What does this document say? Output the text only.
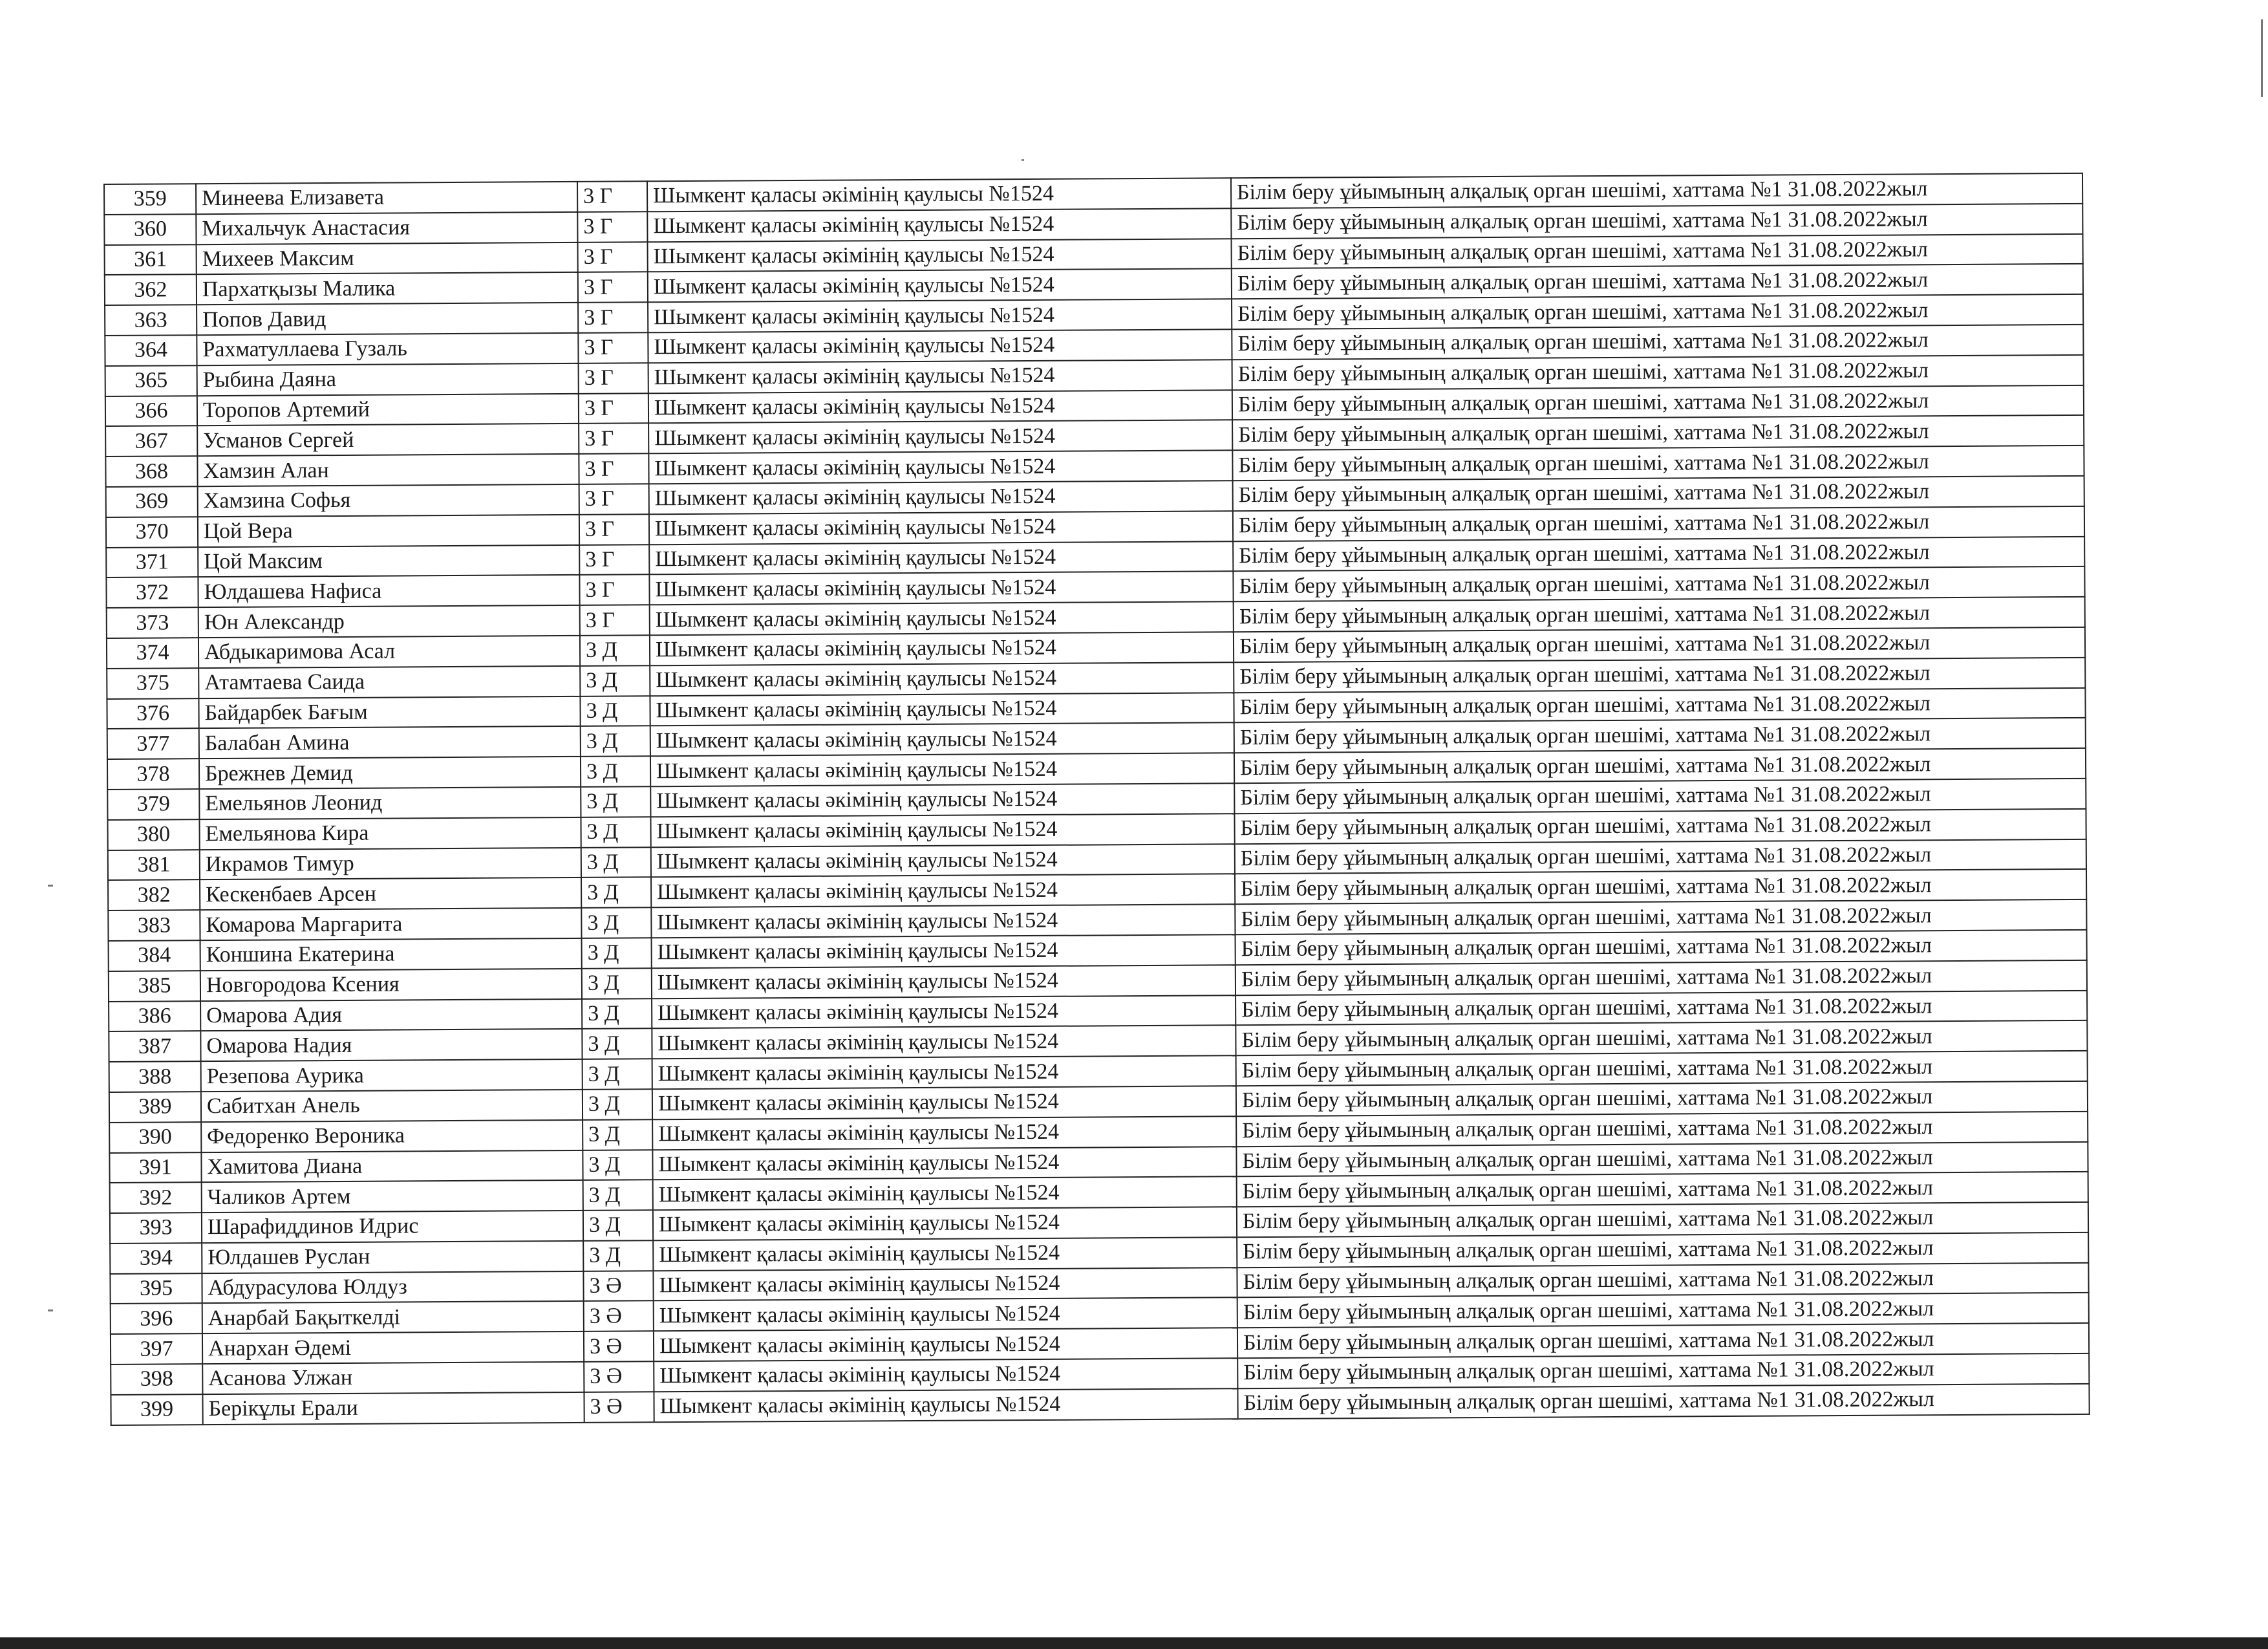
359	Минеева Елизавета	3 Г	Шымкент қаласы әкімінің қаулысы №1524	Білім беру ұйымының алқалық орган шешімі, хаттама №1 31.08.2022жыл
360	Михальчук Анастасия	3 Г	Шымкент қаласы әкімінің қаулысы №1524	Білім беру ұйымының алқалық орган шешімі, хаттама №1 31.08.2022жыл
361	Михеев Максим	3 Г	Шымкент қаласы әкімінің қаулысы №1524	Білім беру ұйымының алқалық орган шешімі, хаттама №1 31.08.2022жыл
362	Пархатқызы Малика	3 Г	Шымкент қаласы әкімінің қаулысы №1524	Білім беру ұйымының алқалық орган шешімі, хаттама №1 31.08.2022жыл
363	Попов Давид	3 Г	Шымкент қаласы әкімінің қаулысы №1524	Білім беру ұйымының алқалық орган шешімі, хаттама №1 31.08.2022жыл
364	Рахматуллаева Гузаль	3 Г	Шымкент қаласы әкімінің қаулысы №1524	Білім беру ұйымының алқалық орган шешімі, хаттама №1 31.08.2022жыл
365	Рыбина Даяна	3 Г	Шымкент қаласы әкімінің қаулысы №1524	Білім беру ұйымының алқалық орган шешімі, хаттама №1 31.08.2022жыл
366	Торопов Артемий	3 Г	Шымкент қаласы әкімінің қаулысы №1524	Білім беру ұйымының алқалық орган шешімі, хаттама №1 31.08.2022жыл
367	Усманов Сергей	3 Г	Шымкент қаласы әкімінің қаулысы №1524	Білім беру ұйымының алқалық орган шешімі, хаттама №1 31.08.2022жыл
368	Хамзин Алан	3 Г	Шымкент қаласы әкімінің қаулысы №1524	Білім беру ұйымының алқалық орган шешімі, хаттама №1 31.08.2022жыл
369	Хамзина Софья	3 Г	Шымкент қаласы әкімінің қаулысы №1524	Білім беру ұйымының алқалық орган шешімі, хаттама №1 31.08.2022жыл
370	Цой Вера	3 Г	Шымкент қаласы әкімінің қаулысы №1524	Білім беру ұйымының алқалық орган шешімі, хаттама №1 31.08.2022жыл
371	Цой Максим	3 Г	Шымкент қаласы әкімінің қаулысы №1524	Білім беру ұйымының алқалық орган шешімі, хаттама №1 31.08.2022жыл
372	Юлдашева Нафиса	3 Г	Шымкент қаласы әкімінің қаулысы №1524	Білім беру ұйымының алқалық орган шешімі, хаттама №1 31.08.2022жыл
373	Юн Александр	3 Г	Шымкент қаласы әкімінің қаулысы №1524	Білім беру ұйымының алқалық орган шешімі, хаттама №1 31.08.2022жыл
374	Абдыкаримова Асал	3 Д	Шымкент қаласы әкімінің қаулысы №1524	Білім беру ұйымының алқалық орган шешімі, хаттама №1 31.08.2022жыл
375	Атамтаева Саида	3 Д	Шымкент қаласы әкімінің қаулысы №1524	Білім беру ұйымының алқалық орган шешімі, хаттама №1 31.08.2022жыл
376	Байдарбек Бағым	3 Д	Шымкент қаласы әкімінің қаулысы №1524	Білім беру ұйымының алқалық орган шешімі, хаттама №1 31.08.2022жыл
377	Балабан Амина	3 Д	Шымкент қаласы әкімінің қаулысы №1524	Білім беру ұйымының алқалық орган шешімі, хаттама №1 31.08.2022жыл
378	Брежнев Демид	3 Д	Шымкент қаласы әкімінің қаулысы №1524	Білім беру ұйымының алқалық орган шешімі, хаттама №1 31.08.2022жыл
379	Емельянов Леонид	3 Д	Шымкент қаласы әкімінің қаулысы №1524	Білім беру ұйымының алқалық орган шешімі, хаттама №1 31.08.2022жыл
380	Емельянова Кира	3 Д	Шымкент қаласы әкімінің қаулысы №1524	Білім беру ұйымының алқалық орган шешімі, хаттама №1 31.08.2022жыл
381	Икрамов Тимур	3 Д	Шымкент қаласы әкімінің қаулысы №1524	Білім беру ұйымының алқалық орган шешімі, хаттама №1 31.08.2022жыл
382	Кескенбаев Арсен	3 Д	Шымкент қаласы әкімінің қаулысы №1524	Білім беру ұйымының алқалық орган шешімі, хаттама №1 31.08.2022жыл
383	Комарова Маргарита	3 Д	Шымкент қаласы әкімінің қаулысы №1524	Білім беру ұйымының алқалық орган шешімі, хаттама №1 31.08.2022жыл
384	Коншина Екатерина	3 Д	Шымкент қаласы әкімінің қаулысы №1524	Білім беру ұйымының алқалық орган шешімі, хаттама №1 31.08.2022жыл
385	Новгородова Ксения	3 Д	Шымкент қаласы әкімінің қаулысы №1524	Білім беру ұйымының алқалық орган шешімі, хаттама №1 31.08.2022жыл
386	Омарова Адия	3 Д	Шымкент қаласы әкімінің қаулысы №1524	Білім беру ұйымының алқалық орган шешімі, хаттама №1 31.08.2022жыл
387	Омарова Надия	3 Д	Шымкент қаласы әкімінің қаулысы №1524	Білім беру ұйымының алқалық орган шешімі, хаттама №1 31.08.2022жыл
388	Резепова Аурика	3 Д	Шымкент қаласы әкімінің қаулысы №1524	Білім беру ұйымының алқалық орган шешімі, хаттама №1 31.08.2022жыл
389	Сабитхан Анель	3 Д	Шымкент қаласы әкімінің қаулысы №1524	Білім беру ұйымының алқалық орган шешімі, хаттама №1 31.08.2022жыл
390	Федоренко Вероника	3 Д	Шымкент қаласы әкімінің қаулысы №1524	Білім беру ұйымының алқалық орган шешімі, хаттама №1 31.08.2022жыл
391	Хамитова Диана	3 Д	Шымкент қаласы әкімінің қаулысы №1524	Білім беру ұйымының алқалық орган шешімі, хаттама №1 31.08.2022жыл
392	Чаликов Артем	3 Д	Шымкент қаласы әкімінің қаулысы №1524	Білім беру ұйымының алқалық орган шешімі, хаттама №1 31.08.2022жыл
393	Шарафиддинов Идрис	3 Д	Шымкент қаласы әкімінің қаулысы №1524	Білім беру ұйымының алқалық орган шешімі, хаттама №1 31.08.2022жыл
394	Юлдашев Руслан	3 Д	Шымкент қаласы әкімінің қаулысы №1524	Білім беру ұйымының алқалық орган шешімі, хаттама №1 31.08.2022жыл
395	Абдурасулова Юлдуз	3 Ә	Шымкент қаласы әкімінің қаулысы №1524	Білім беру ұйымының алқалық орган шешімі, хаттама №1 31.08.2022жыл
396	Анарбай Бақыткелді	3 Ә	Шымкент қаласы әкімінің қаулысы №1524	Білім беру ұйымының алқалық орган шешімі, хаттама №1 31.08.2022жыл
397	Анархан Әдемі	3 Ә	Шымкент қаласы әкімінің қаулысы №1524	Білім беру ұйымының алқалық орган шешімі, хаттама №1 31.08.2022жыл
398	Асанова Улжан	3 Ә	Шымкент қаласы әкімінің қаулысы №1524	Білім беру ұйымының алқалық орган шешімі, хаттама №1 31.08.2022жыл
399	Берікұлы Ерали	3 Ә	Шымкент қаласы әкімінің қаулысы №1524	Білім беру ұйымының алқалық орган шешімі, хаттама №1 31.08.2022жыл
